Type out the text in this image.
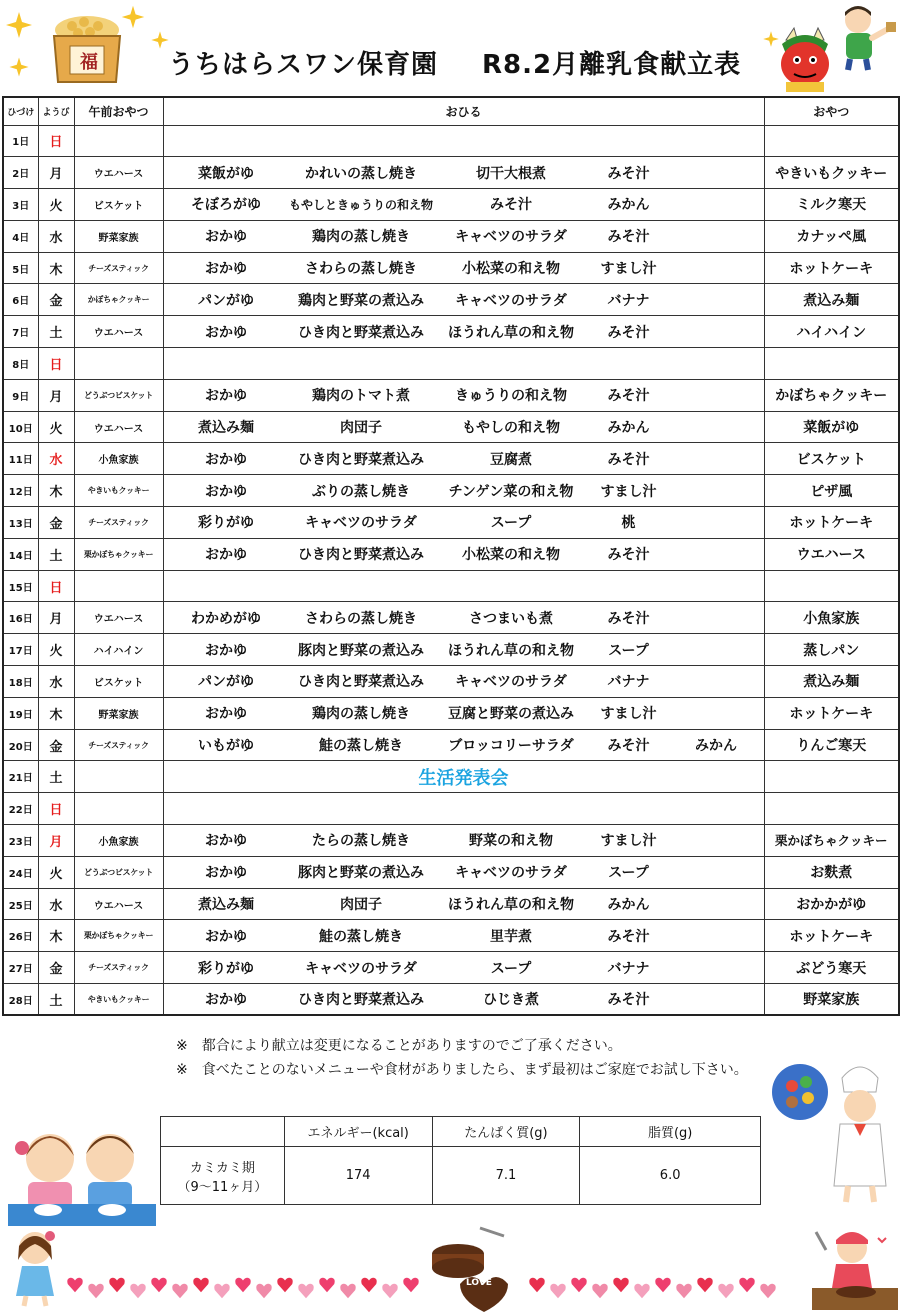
福	うちはらスワン保育園 R8.2月離乳食献立表
ひづけ	ようび	午前おやつ	おひる	おやつ
1日	日			
2日	月	ウエハース	菜飯がゆ かれいの蒸し焼き 切干大根煮 みそ汁	やきいもクッキー
3日	火	ビスケット	そぼろがゆ もやしときゅうりの和え物 みそ汁 みかん	ミルク寒天
4日	水	野菜家族	おかゆ 鶏肉の蒸し焼き キャベツのサラダ みそ汁	カナッペ風
5日	木	チーズスティック	おかゆ さわらの蒸し焼き 小松菜の和え物 すまし汁	ホットケーキ
6日	金	かぼちゃクッキー	パンがゆ 鶏肉と野菜の煮込み キャベツのサラダ バナナ	煮込み麺
7日	土	ウエハース	おかゆ ひき肉と野菜煮込み ほうれん草の和え物 みそ汁	ハイハイン
8日	日			
9日	月	どうぶつビスケット	おかゆ 鶏肉のトマト煮 きゅうりの和え物 みそ汁	かぼちゃクッキー
10日	火	ウエハース	煮込み麺 肉団子 もやしの和え物 みかん	菜飯がゆ
11日	水	小魚家族	おかゆ ひき肉と野菜煮込み 豆腐煮 みそ汁	ビスケット
12日	木	やきいもクッキー	おかゆ ぶりの蒸し焼き チンゲン菜の和え物 すまし汁	ピザ風
13日	金	チーズスティック	彩りがゆ キャベツのサラダ スープ 桃	ホットケーキ
14日	土	栗かぼちゃクッキー	おかゆ ひき肉と野菜煮込み 小松菜の和え物 みそ汁	ウエハース
15日	日			
16日	月	ウエハース	わかめがゆ さわらの蒸し焼き さつまいも煮 みそ汁	小魚家族
17日	火	ハイハイン	おかゆ 豚肉と野菜の煮込み ほうれん草の和え物 スープ	蒸しパン
18日	水	ビスケット	パンがゆ ひき肉と野菜煮込み キャベツのサラダ バナナ	煮込み麺
19日	木	野菜家族	おかゆ 鶏肉の蒸し焼き 豆腐と野菜の煮込み すまし汁	ホットケーキ
20日	金	チーズスティック	いもがゆ 鮭の蒸し焼き ブロッコリーサラダ みそ汁 みかん	りんご寒天
21日	土		生活発表会	
22日	日			
23日	月	小魚家族	おかゆ たらの蒸し焼き 野菜の和え物 すまし汁	栗かぼちゃクッキー
24日	火	どうぶつビスケット	おかゆ 豚肉と野菜の煮込み キャベツのサラダ スープ	お麩煮
25日	水	ウエハース	煮込み麺 肉団子 ほうれん草の和え物 みかん	おかかがゆ
26日	木	栗かぼちゃクッキー	おかゆ 鮭の蒸し焼き 里芋煮 みそ汁	ホットケーキ
27日	金	チーズスティック	彩りがゆ キャベツのサラダ スープ バナナ	ぶどう寒天
28日	土	やきいもクッキー	おかゆ ひき肉と野菜煮込み ひじき煮 みそ汁	野菜家族
※　都合により献立は変更になることがありますのでご了承ください。
※　食べたことのないメニューや食材がありましたら、まず最初はご家庭でお試し下さい。
	エネルギー(kcal)	たんぱく質(g)	脂質(g)

カミカミ期
（9～11ヶ月）	174	7.1	6.0
LOVE
